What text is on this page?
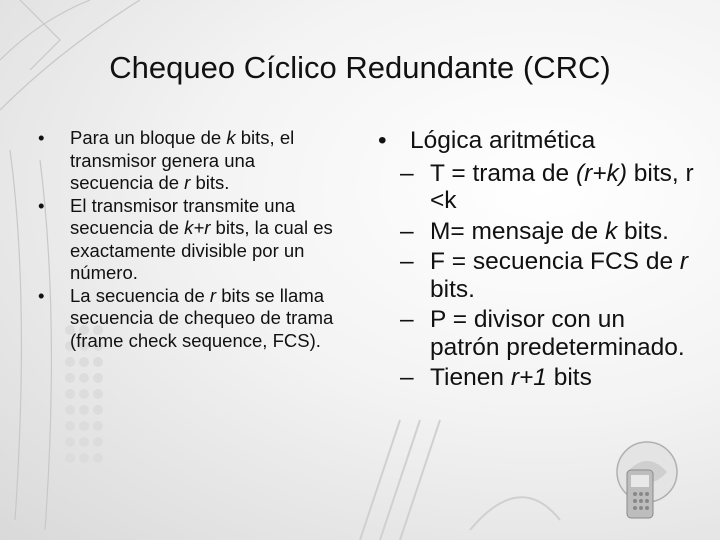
Chequeo Cíclico Redundante (CRC)
• Para un bloque de k bits, el transmisor genera una secuencia de r bits.
• El transmisor transmite una secuencia de k+r bits, la cual es exactamente divisible por un número.
• La secuencia de r bits se llama secuencia de chequeo de trama (frame check sequence, FCS).
• Lógica aritmética
– T = trama de (r+k) bits, r <k
– M= mensaje de k bits.
– F = secuencia FCS de r bits.
– P = divisor con un patrón predeterminado.
– Tienen r+1 bits
